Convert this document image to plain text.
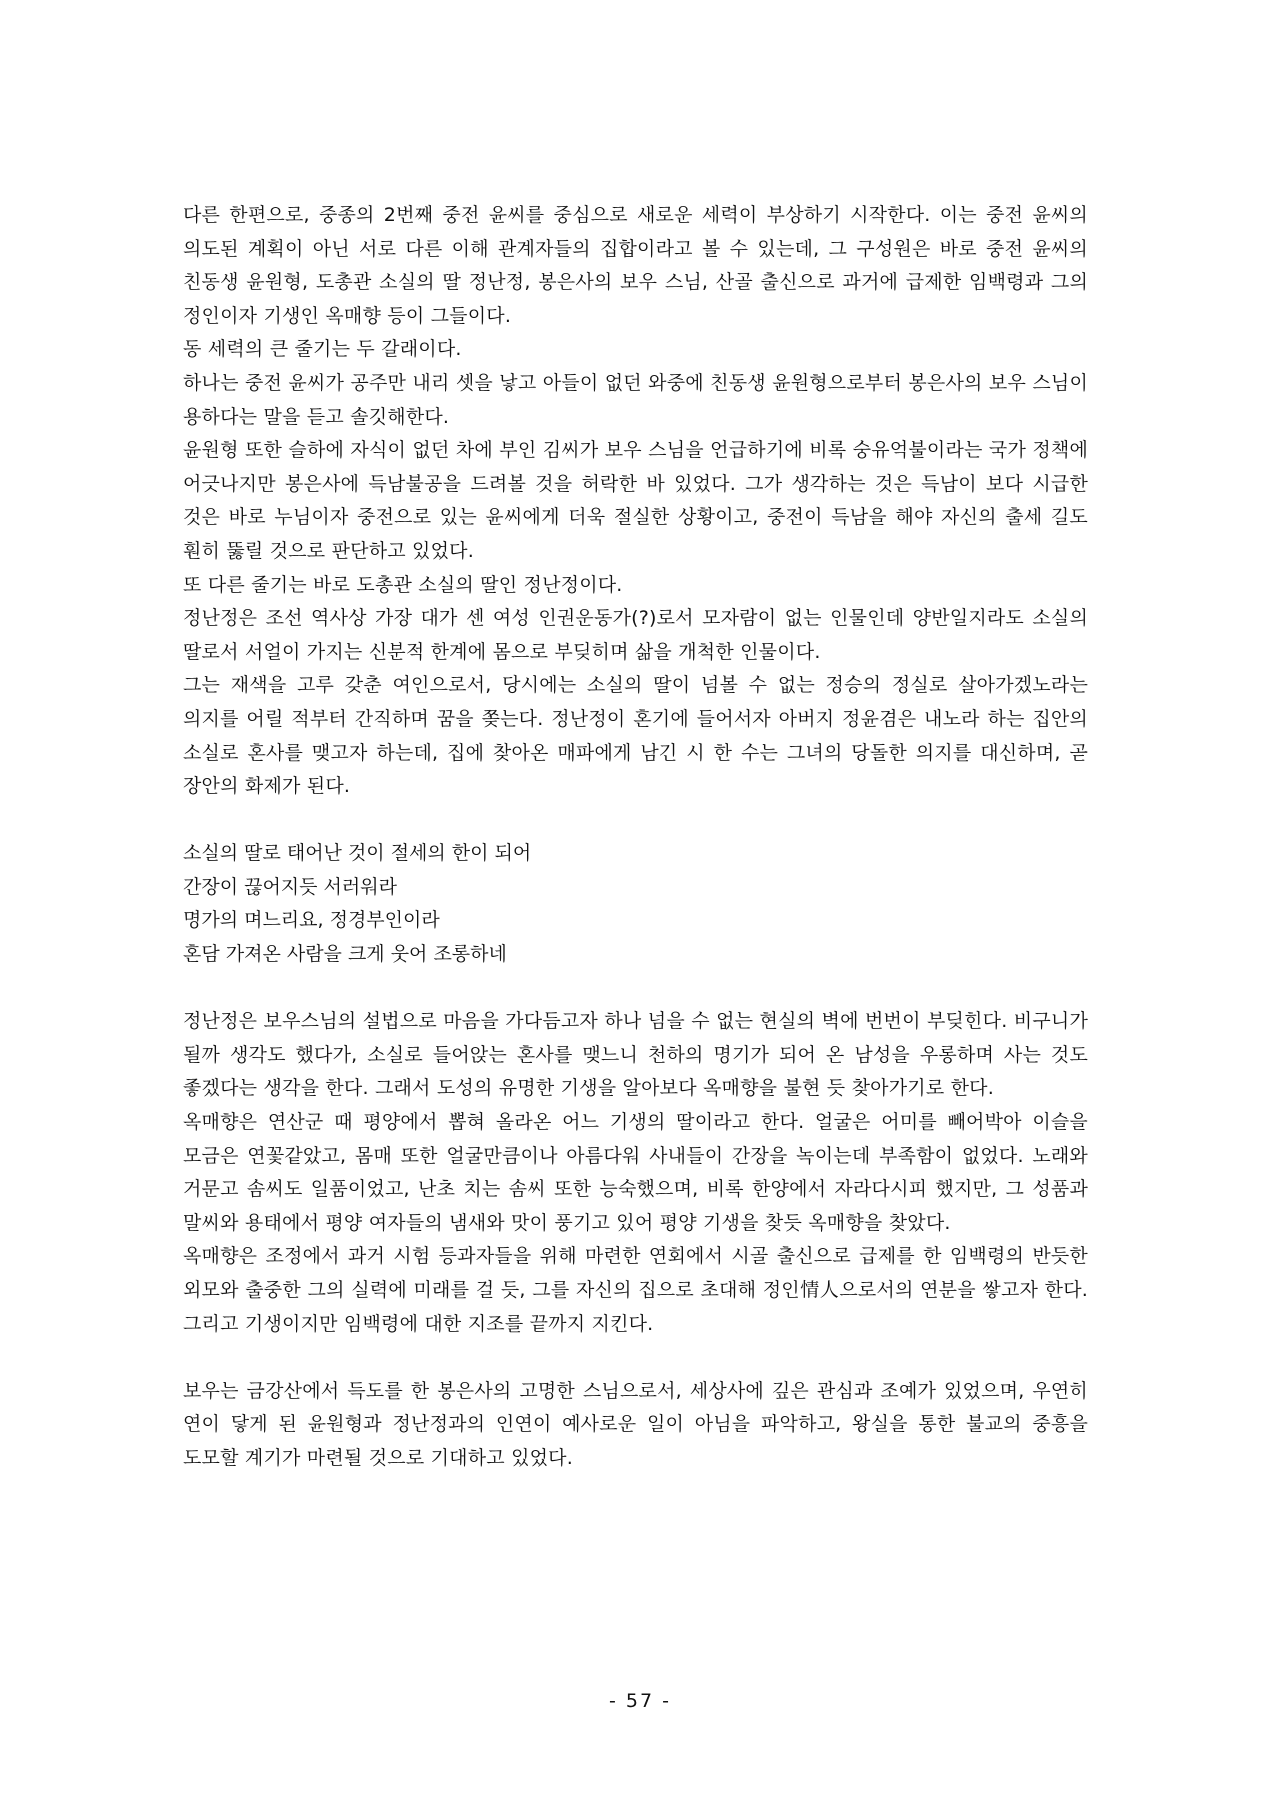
다른 한편으로, 중종의 2번째 중전 윤씨를 중심으로 새로운 세력이 부상하기 시작한다. 이는 중전 윤씨의 의도된 계획이 아닌 서로 다른 이해 관계자들의 집합이라고 볼 수 있는데, 그 구성원은 바로 중전 윤씨의 친동생 윤원형, 도총관 소실의 딸 정난정, 봉은사의 보우 스님, 산골 출신으로 과거에 급제한 임백령과 그의 정인이자 기생인 옥매향 등이 그들이다.

동 세력의 큰 줄기는 두 갈래이다.

하나는 중전 윤씨가 공주만 내리 셋을 낳고 아들이 없던 와중에 친동생 윤원형으로부터 봉은사의 보우 스님이 용하다는 말을 듣고 솔깃해한다.

윤원형 또한 슬하에 자식이 없던 차에 부인 김씨가 보우 스님을 언급하기에 비록 숭유억불이라는 국가 정책에 어긋나지만 봉은사에 득남불공을 드려볼 것을 허락한 바 있었다. 그가 생각하는 것은 득남이 보다 시급한 것은 바로 누님이자 중전으로 있는 윤씨에게 더욱 절실한 상황이고, 중전이 득남을 해야 자신의 출세 길도 훤히 뚫릴 것으로 판단하고 있었다.

또 다른 줄기는 바로 도총관 소실의 딸인 정난정이다.

정난정은 조선 역사상 가장 대가 센 여성 인권운동가(?)로서 모자람이 없는 인물인데 양반일지라도 소실의 딸로서 서얼이 가지는 신분적 한계에 몸으로 부딪히며 삶을 개척한 인물이다.

그는 재색을 고루 갖춘 여인으로서, 당시에는 소실의 딸이 넘볼 수 없는 정승의 정실로 살아가겠노라는 의지를 어릴 적부터 간직하며 꿈을 쫒는다. 정난정이 혼기에 들어서자 아버지 정윤겸은 내노라 하는 집안의 소실로 혼사를 맺고자 하는데, 집에 찾아온 매파에게 남긴 시 한 수는 그녀의 당돌한 의지를 대신하며, 곧 장안의 화제가 된다.

소실의 딸로 태어난 것이 절세의 한이 되어

간장이 끊어지듯 서러워라

명가의 며느리요, 정경부인이라

혼담 가져온 사람을 크게 웃어 조롱하네

정난정은 보우스님의 설법으로 마음을 가다듬고자 하나 넘을 수 없는 현실의 벽에 번번이 부딪힌다. 비구니가 될까 생각도 했다가, 소실로 들어앉는 혼사를 맺느니 천하의 명기가 되어 온 남성을 우롱하며 사는 것도 좋겠다는 생각을 한다. 그래서 도성의 유명한 기생을 알아보다 옥매향을 불현 듯 찾아가기로 한다.

옥매향은 연산군 때 평양에서 뽑혀 올라온 어느 기생의 딸이라고 한다. 얼굴은 어미를 빼어박아 이슬을 모금은 연꽃같았고, 몸매 또한 얼굴만큼이나 아름다워 사내들이 간장을 녹이는데 부족함이 없었다. 노래와 거문고 솜씨도 일품이었고, 난초 치는 솜씨 또한 능숙했으며, 비록 한양에서 자라다시피 했지만, 그 성품과 말씨와 용태에서 평양 여자들의 냄새와 맛이 풍기고 있어 평양 기생을 찾듯 옥매향을 찾았다.

옥매향은 조정에서 과거 시험 등과자들을 위해 마련한 연회에서 시골 출신으로 급제를 한 임백령의 반듯한 외모와 출중한 그의 실력에 미래를 걸 듯, 그를 자신의 집으로 초대해 정인情人으로서의 연분을 쌓고자 한다. 그리고 기생이지만 임백령에 대한 지조를 끝까지 지킨다.

보우는 금강산에서 득도를 한 봉은사의 고명한 스님으로서, 세상사에 깊은 관심과 조예가 있었으며, 우연히 연이 닿게 된 윤원형과 정난정과의 인연이 예사로운 일이 아님을 파악하고, 왕실을 통한 불교의 중흥을 도모할 계기가 마련될 것으로 기대하고 있었다.

- 57 -
